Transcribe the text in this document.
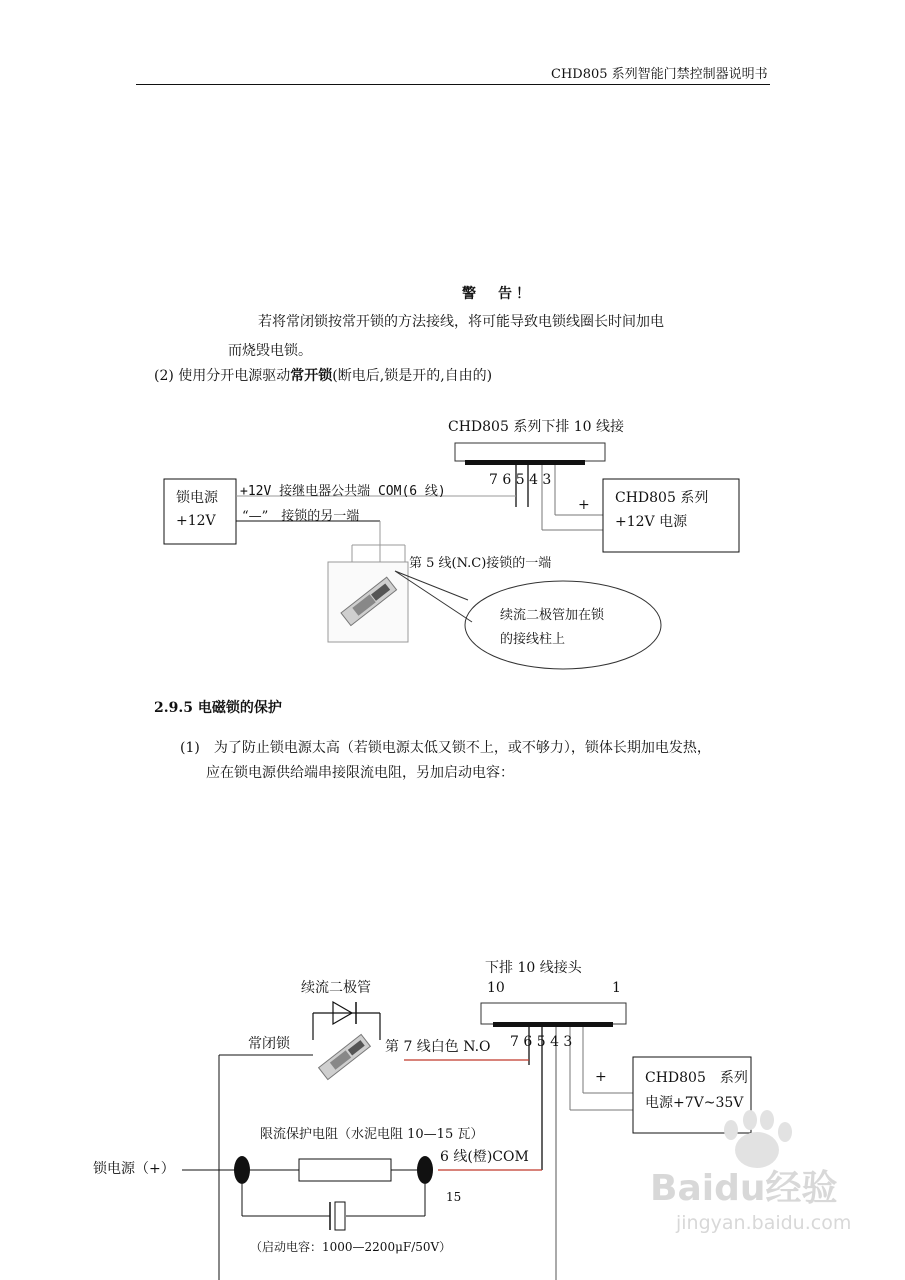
CHD805 系列智能门禁控制器说明书
警　告！
若将常闭锁按常开锁的方法接线，将可能导致电锁线圈长时间加电
而烧毁电锁。
(2) 使用分开电源驱动常开锁(断电后,锁是开的,自由的)
CHD805 系列下排 10 线接
7 6 5 4 3
锁电源
+12V
+12V 接继电器公共端 COM(6 线)
“—”　接锁的另一端
第 5 线(N.C)接锁的一端
+ CHD805 系列
+12V 电源
续流二极管加在锁
的接线柱上
2.9.5 电磁锁的保护
(1)　为了防止锁电源太高（若锁电源太低又锁不上，或不够力），锁体长期加电发热，
应在锁电源供给端串接限流电阻，另加启动电容：
下排 10 线接头
10	1
7 6 5 4 3
续流二极管
常闭锁	第 7 线白色 N.O
+	CHD805　系列
电源+7V~35V
限流保护电阻（水泥电阻 10—15 瓦）
6 线(橙)COM
锁电源（+）
15
（启动电容：1000—2200μF/50V）
Baidu经验
jingyan.baidu.com
